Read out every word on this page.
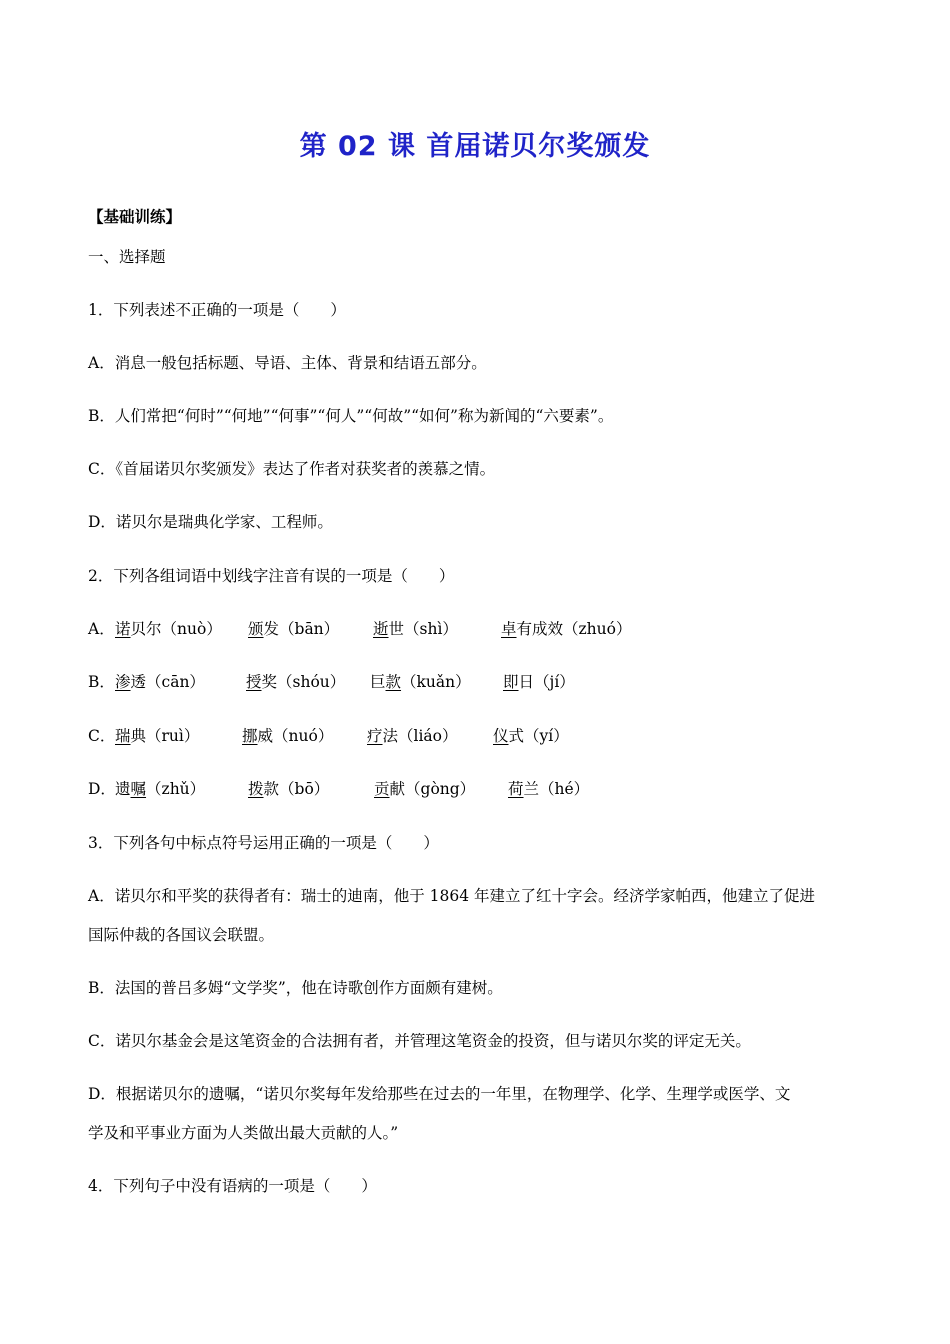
第 02 课 首届诺贝尔奖颁发
【基础训练】
一、选择题
1．下列表述不正确的一项是（　　）
A．消息一般包括标题、导语、主体、背景和结语五部分。
B．人们常把“何时”“何地”“何事”“何人”“何故”“如何”称为新闻的“六要素”。
C．《首届诺贝尔奖颁发》表达了作者对获奖者的羡慕之情。
D．诺贝尔是瑞典化学家、工程师。
2．下列各组词语中划线字注音有误的一项是（　　）
A． 诺贝尔（nuò） 颁发（bān） 逝世（shì）	卓有成效（zhuó）
B． 渗透（cān）	授奖（shóu） 巨款（kuǎn） 即日（jí）
C． 瑞典（ruì）	挪威（nuó） 疗法（liáo） 仪式（yí）
D． 遗嘱（zhǔ）	拨款（bō）	贡献（gòng） 荷兰（hé）
3．下列各句中标点符号运用正确的一项是（　　）
A．诺贝尔和平奖的获得者有：瑞士的迪南，他于 1864 年建立了红十字会。经济学家帕西，他建立了促进
国际仲裁的各国议会联盟。
B．法国的普吕多姆“文学奖”，他在诗歌创作方面颇有建树。
C．诺贝尔基金会是这笔资金的合法拥有者，并管理这笔资金的投资，但与诺贝尔奖的评定无关。
D．根据诺贝尔的遗嘱，“诺贝尔奖每年发给那些在过去的一年里，在物理学、化学、生理学或医学、文
学及和平事业方面为人类做出最大贡献的人。”
4．下列句子中没有语病的一项是（　　）
